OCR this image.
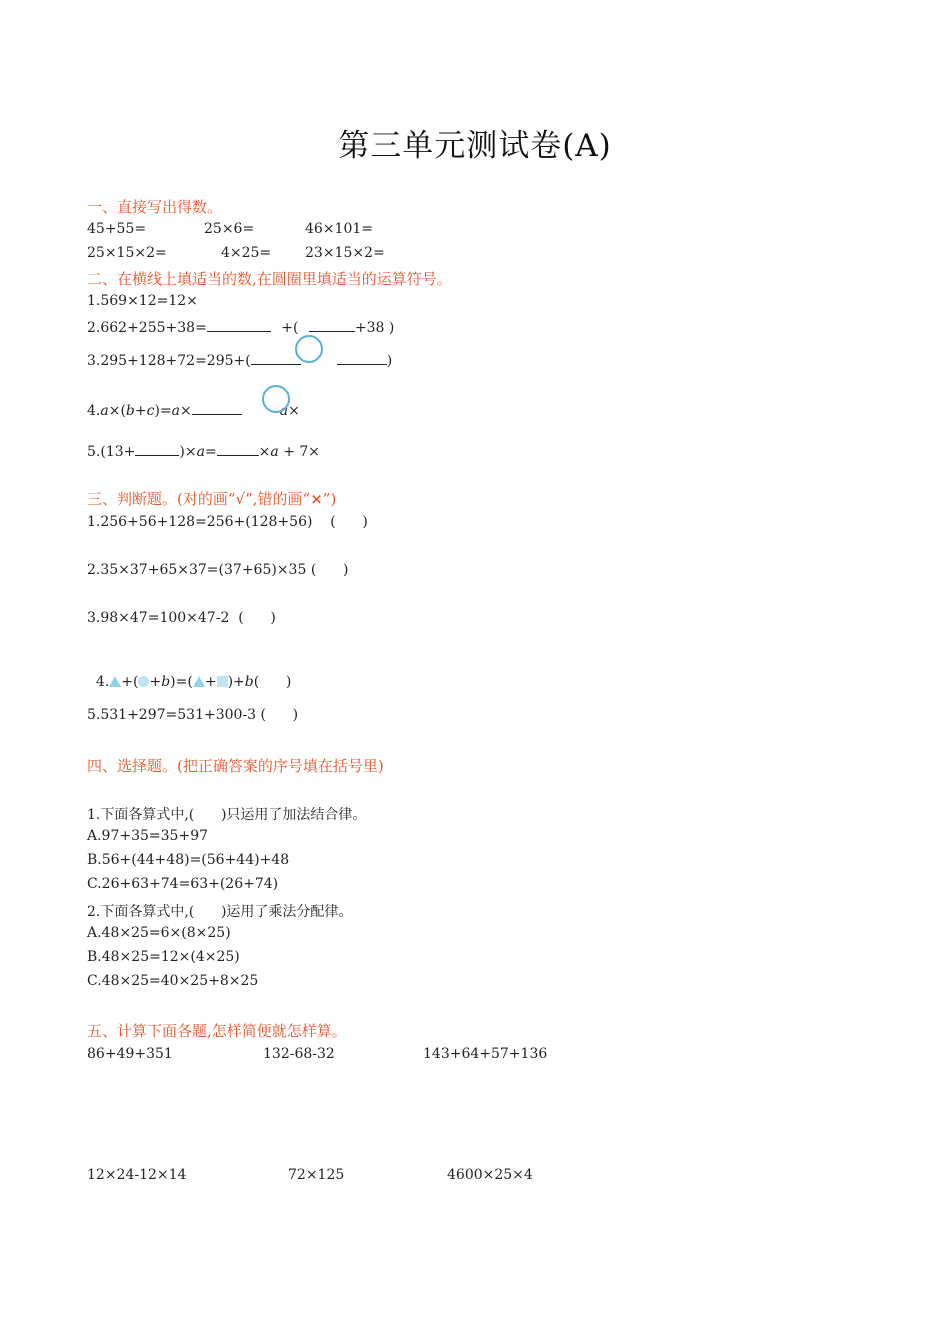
第三单元测试卷(A)
一、直接写出得数。
45+55=	25×6=	46×101=
25×15×2=	4×25= 23×15×2=
二、在横线上填适当的数,在圆圈里填适当的运算符号。
1.569×12=12×
2.662+255+38=	+(	+38 )
3.295+128+72=295+(	)
4.a×(b+c)=a×	a×
5.(13+	)×a=	×a + 7×
三、判断题。(对的画“√”,错的画“×”)
1.256+56+128=256+(128+56)    (      )
2.35×37+65×37=(37+65)×35 (      )
3.98×47=100×47-2  (      )

4. +( +b)=( + )+b(      )

5.531+297=531+300-3 (      )
四、选择题。(把正确答案的序号填在括号里)
1.下面各算式中,(      )只运用了加法结合律。
A.97+35=35+97
B.56+(44+48)=(56+44)+48
C.26+63+74=63+(26+74)
2.下面各算式中,(      )运用了乘法分配律。
A.48×25=6×(8×25)
B.48×25=12×(4×25)
C.48×25=40×25+8×25
五、计算下面各题,怎样简便就怎样算。
86+49+351	132-68-32	143+64+57+136
12×24-12×14	72×125	4600×25×4
